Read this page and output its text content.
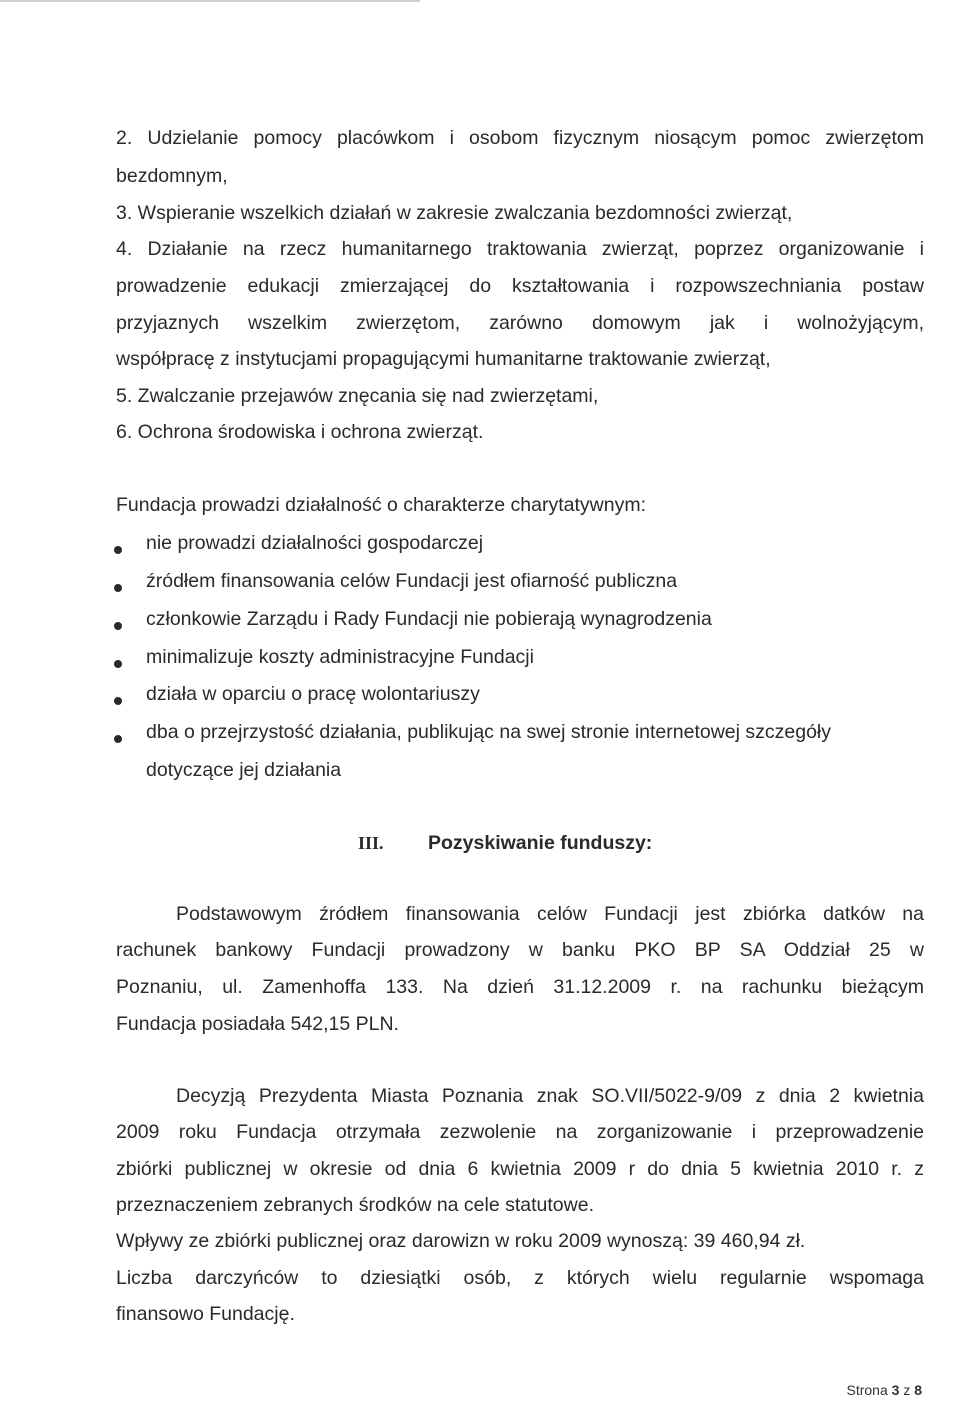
2. Udzielanie pomocy placówkom i osobom fizycznym niosącym pomoc zwierzętom
bezdomnym,
3. Wspieranie wszelkich działań w zakresie zwalczania bezdomności zwierząt,
4. Działanie na rzecz humanitarnego traktowania zwierząt, poprzez organizowanie i
prowadzenie edukacji zmierzającej do kształtowania i rozpowszechniania postaw
przyjaznych wszelkim zwierzętom, zarówno domowym jak i wolnożyjącym,
współpracę z instytucjami propagującymi humanitarne traktowanie zwierząt,
5. Zwalczanie przejawów znęcania się nad zwierzętami,
6. Ochrona środowiska i ochrona zwierząt.
Fundacja prowadzi działalność o charakterze charytatywnym:
nie prowadzi działalności gospodarczej
źródłem finansowania celów Fundacji jest ofiarność publiczna
członkowie Zarządu i Rady Fundacji nie pobierają wynagrodzenia
minimalizuje koszty administracyjne Fundacji
działa w oparciu o pracę wolontariuszy
dba o przejrzystość działania, publikując na swej stronie internetowej szczegóły
dotyczące jej działania
III. Pozyskiwanie funduszy:
Podstawowym źródłem finansowania celów Fundacji jest zbiórka datków na
rachunek bankowy Fundacji prowadzony w banku PKO BP SA Oddział 25 w
Poznaniu, ul. Zamenhoffa 133. Na dzień 31.12.2009 r. na rachunku bieżącym
Fundacja posiadała 542,15 PLN.
Decyzją Prezydenta Miasta Poznania znak SO.VII/5022-9/09 z dnia 2 kwietnia
2009 roku Fundacja otrzymała zezwolenie na zorganizowanie i przeprowadzenie
zbiórki publicznej w okresie od dnia 6 kwietnia 2009 r do dnia 5 kwietnia 2010 r. z
przeznaczeniem zebranych środków na cele statutowe.
Wpływy ze zbiórki publicznej oraz darowizn w roku 2009 wynoszą: 39 460,94 zł.
Liczba darczyńców to dziesiątki osób, z których wielu regularnie wspomaga
finansowo Fundację.
Strona 3 z 8
